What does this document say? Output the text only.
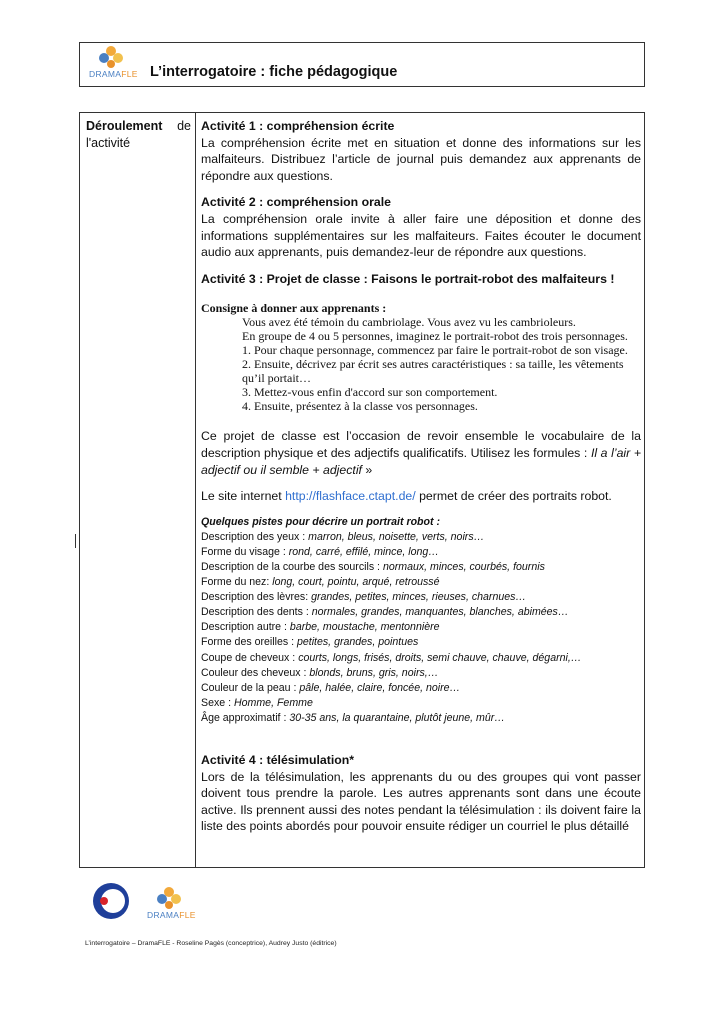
DRAMAFLE L’interrogatoire : fiche pédagogique
Déroulement de
l'activité
Activité 1 : compréhension écrite
La compréhension écrite met en situation et donne des informations sur les malfaiteurs. Distribuez l’article de journal puis demandez aux apprenants de répondre aux questions.
Activité 2 : compréhension orale
La compréhension orale invite à aller faire une déposition et donne des informations supplémentaires sur les malfaiteurs. Faites écouter le document audio aux apprenants, puis demandez-leur de répondre aux questions.
Activité 3 : Projet de classe : Faisons le portrait-robot des malfaiteurs !
Consigne à donner aux apprenants :
Vous avez été témoin du cambriolage. Vous avez vu les cambrioleurs.
En groupe de 4 ou 5 personnes, imaginez le portrait-robot des trois personnages.
1. Pour chaque personnage, commencez par faire le portrait-robot de son visage.
2. Ensuite, décrivez par écrit ses autres caractéristiques : sa taille, les vêtements qu’il portait…
3. Mettez-vous enfin d'accord sur son comportement.
4. Ensuite, présentez à la classe vos personnages.
Ce projet de classe est l’occasion de revoir ensemble le vocabulaire de la description physique et des adjectifs qualificatifs. Utilisez les formules : Il a l’air + adjectif ou il semble + adjectif »
Le site internet http://flashface.ctapt.de/ permet de créer des portraits robot.
Quelques pistes pour décrire un portrait robot :
Description des yeux : marron, bleus, noisette, verts, noirs…
Forme du visage : rond, carré, effilé, mince, long…
Description de la courbe des sourcils : normaux, minces, courbés, fournis
Forme du nez: long, court, pointu, arqué, retroussé
Description des lèvres: grandes, petites, minces, rieuses, charnues…
Description des dents : normales, grandes, manquantes, blanches, abimées…
Description autre : barbe, moustache, mentonnière
Forme des oreilles : petites, grandes, pointues
Coupe de cheveux : courts, longs, frisés, droits, semi chauve, chauve, dégarni,…
Couleur des cheveux : blonds, bruns, gris, noirs,…
Couleur de la peau : pâle, halée, claire, foncée, noire…
Sexe : Homme, Femme
Âge approximatif : 30-35 ans, la quarantaine, plutôt jeune, mûr…
Activité 4 : télésimulation*
Lors de la télésimulation, les apprenants du ou des groupes qui vont passer doivent tous prendre la parole. Les autres apprenants sont dans une écoute active. Ils prennent aussi des notes pendant la télésimulation : ils doivent faire la liste des points abordés pour pouvoir ensuite rédiger un courriel le plus détaillé
DRAMAFLE
L’interrogatoire – DramaFLE - Roseline Pagès (conceptrice), Audrey Justo (éditrice)
